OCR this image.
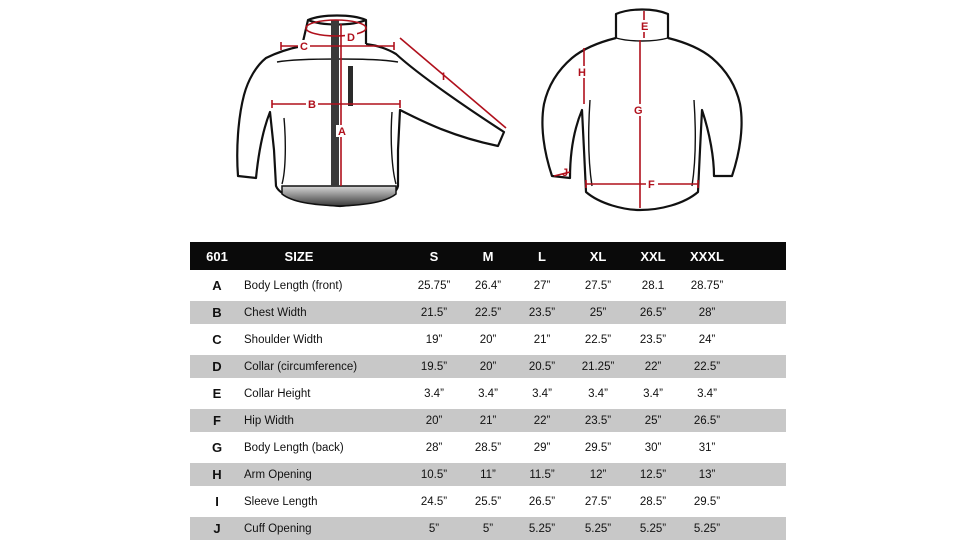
C
D
B
A
I
E
H
G
F
J
601	SIZE	S	M	L	XL	XXL	XXXL
A	Body Length (front)	25.75”	26.4”	27”	27.5”	28.1	28.75”
B	Chest Width	21.5”	22.5”	23.5”	25”	26.5”	28”
C	Shoulder Width	19”	20”	21”	22.5”	23.5”	24”
D	Collar (circumference)	19.5”	20”	20.5”	21.25”	22”	22.5”
E	Collar Height	3.4”	3.4”	3.4”	3.4”	3.4”	3.4”
F	Hip Width	20”	21”	22”	23.5”	25”	26.5”
G	Body Length (back)	28”	28.5”	29”	29.5”	30”	31”
H	Arm Opening	10.5”	11”	11.5”	12”	12.5”	13”
I	Sleeve Length	24.5”	25.5”	26.5”	27.5”	28.5”	29.5”
J	Cuff Opening	5”	5”	5.25”	5.25”	5.25”	5.25”
